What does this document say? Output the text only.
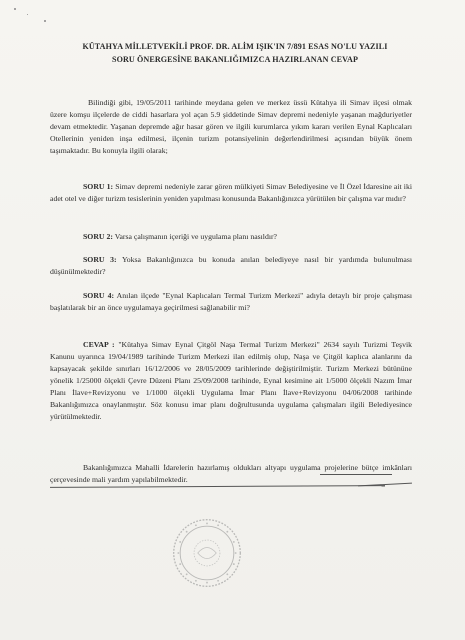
KÜTAHYA MİLLETVEKİLİ PROF. DR. ALİM IŞIK'IN 7/891 ESAS NO'LU YAZILI
SORU ÖNERGESİNE BAKANLIĞIMIZCA HAZIRLANAN CEVAP
Bilindiği gibi, 19/05/2011 tarihinde meydana gelen ve merkez üssü Kütahya ili Simav ilçesi olmak üzere komşu ilçelerde de ciddi hasarlara yol açan 5.9 şiddetinde Simav depremi nedeniyle yaşanan mağduriyetler devam etmektedir. Yaşanan depremde ağır hasar gören ve ilgili kurumlarca yıkım kararı verilen Eynal Kaplıcaları Otellerinin yeniden inşa edilmesi, ilçenin turizm potansiyelinin değerlendirilmesi açısından büyük önem taşımaktadır. Bu konuyla ilgili olarak;
SORU 1: Simav depremi nedeniyle zarar gören mülkiyeti Simav Belediyesine ve İl Özel İdaresine ait iki adet otel ve diğer turizm tesislerinin yeniden yapılması konusunda Bakanlığınızca yürütülen bir çalışma var mıdır?
SORU 2: Varsa çalışmanın içeriği ve uygulama planı nasıldır?
SORU 3: Yoksa Bakanlığınızca bu konuda anılan belediyeye nasıl bir yardımda bulunulması düşünülmektedir?
SORU 4: Anılan ilçede "Eynal Kaplıcaları Termal Turizm Merkezi" adıyla detaylı bir proje çalışması başlatılarak bir an önce uygulamaya geçirilmesi sağlanabilir mi?
CEVAP : "Kütahya Simav Eynal Çitgöl Naşa Termal Turizm Merkezi" 2634 sayılı Turizmi Teşvik Kanunu uyarınca 19/04/1989 tarihinde Turizm Merkezi ilan edilmiş olup, Naşa ve Çitgöl kaplıca alanlarını da kapsayacak şekilde sınırları 16/12/2006 ve 28/05/2009 tarihlerinde değiştirilmiştir. Turizm Merkezi bütününe yönelik 1/25000 ölçekli Çevre Düzeni Planı 25/09/2008 tarihinde, Eynal kesimine ait 1/5000 ölçekli Nazım İmar Planı İlave+Revizyonu ve 1/1000 ölçekli Uygulama İmar Planı İlave+Revizyonu 04/06/2008 tarihinde Bakanlığımızca onaylanmıştır. Söz konusu imar planı doğrultusunda uygulama çalışmaları ilgili Belediyesince yürütülmektedir.
Bakanlığımızca Mahalli İdarelerin hazırlamış oldukları altyapı uygulama projelerine bütçe imkânları çerçevesinde mali yardım yapılabilmektedir.
